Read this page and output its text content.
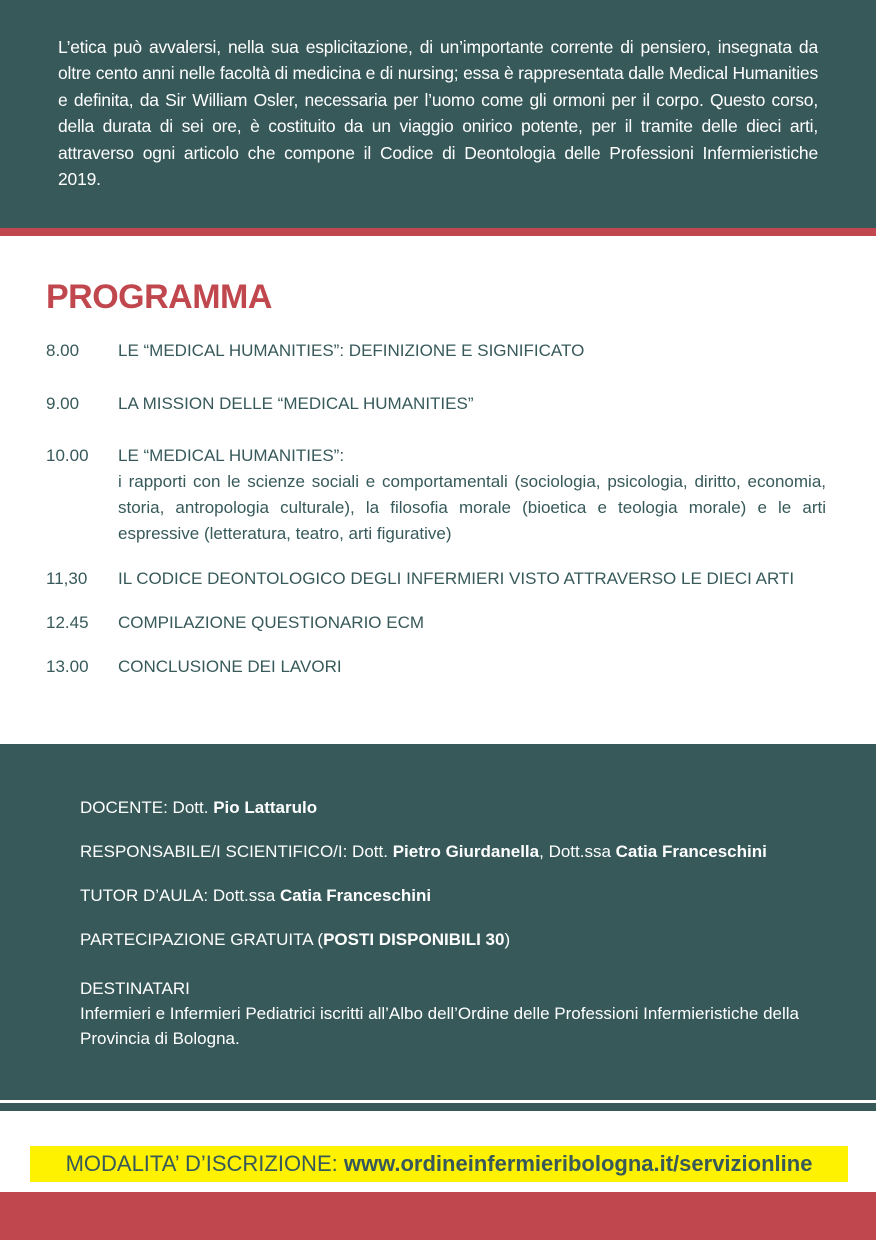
L’etica può avvalersi, nella sua esplicitazione, di un’importante corrente di pensiero, insegnata da oltre cento anni nelle facoltà di medicina e di nursing; essa è rappresentata dalle Medical Humanities e definita, da Sir William Osler, necessaria per l’uomo come gli ormoni per il corpo. Questo corso, della durata di sei ore, è costituito da un viaggio onirico potente, per il tramite delle dieci arti, attraverso ogni articolo che compone il Codice di Deontologia delle Professioni Infermieristiche 2019.

PROGRAMMA
8.00	LE “MEDICAL HUMANITIES”: DEFINIZIONE E SIGNIFICATO
9.00	LA MISSION DELLE “MEDICAL HUMANITIES”
10.00	LE “MEDICAL HUMANITIES”:
i rapporti con le scienze sociali e comportamentali (sociologia, psicologia, diritto, economia, storia, antropologia culturale), la filosofia morale (bioetica e teologia morale) e le arti espressive (letteratura, teatro, arti figurative)
11,30	IL CODICE DEONTOLOGICO DEGLI INFERMIERI VISTO ATTRAVERSO LE DIECI ARTI
12.45	COMPILAZIONE QUESTIONARIO ECM
13.00	CONCLUSIONE DEI LAVORI
DOCENTE: Dott. Pio Lattarulo
RESPONSABILE/I SCIENTIFICO/I: Dott. Pietro Giurdanella, Dott.ssa Catia Franceschini
TUTOR D’AULA: Dott.ssa Catia Franceschini
PARTECIPAZIONE GRATUITA (POSTI DISPONIBILI 30)
DESTINATARI
Infermieri e Infermieri Pediatrici iscritti all’Albo dell’Ordine delle Professioni Infermieristiche della Provincia di Bologna.
MODALITA’ D’ISCRIZIONE: www.ordineinfermieribologna.it/servizionline
